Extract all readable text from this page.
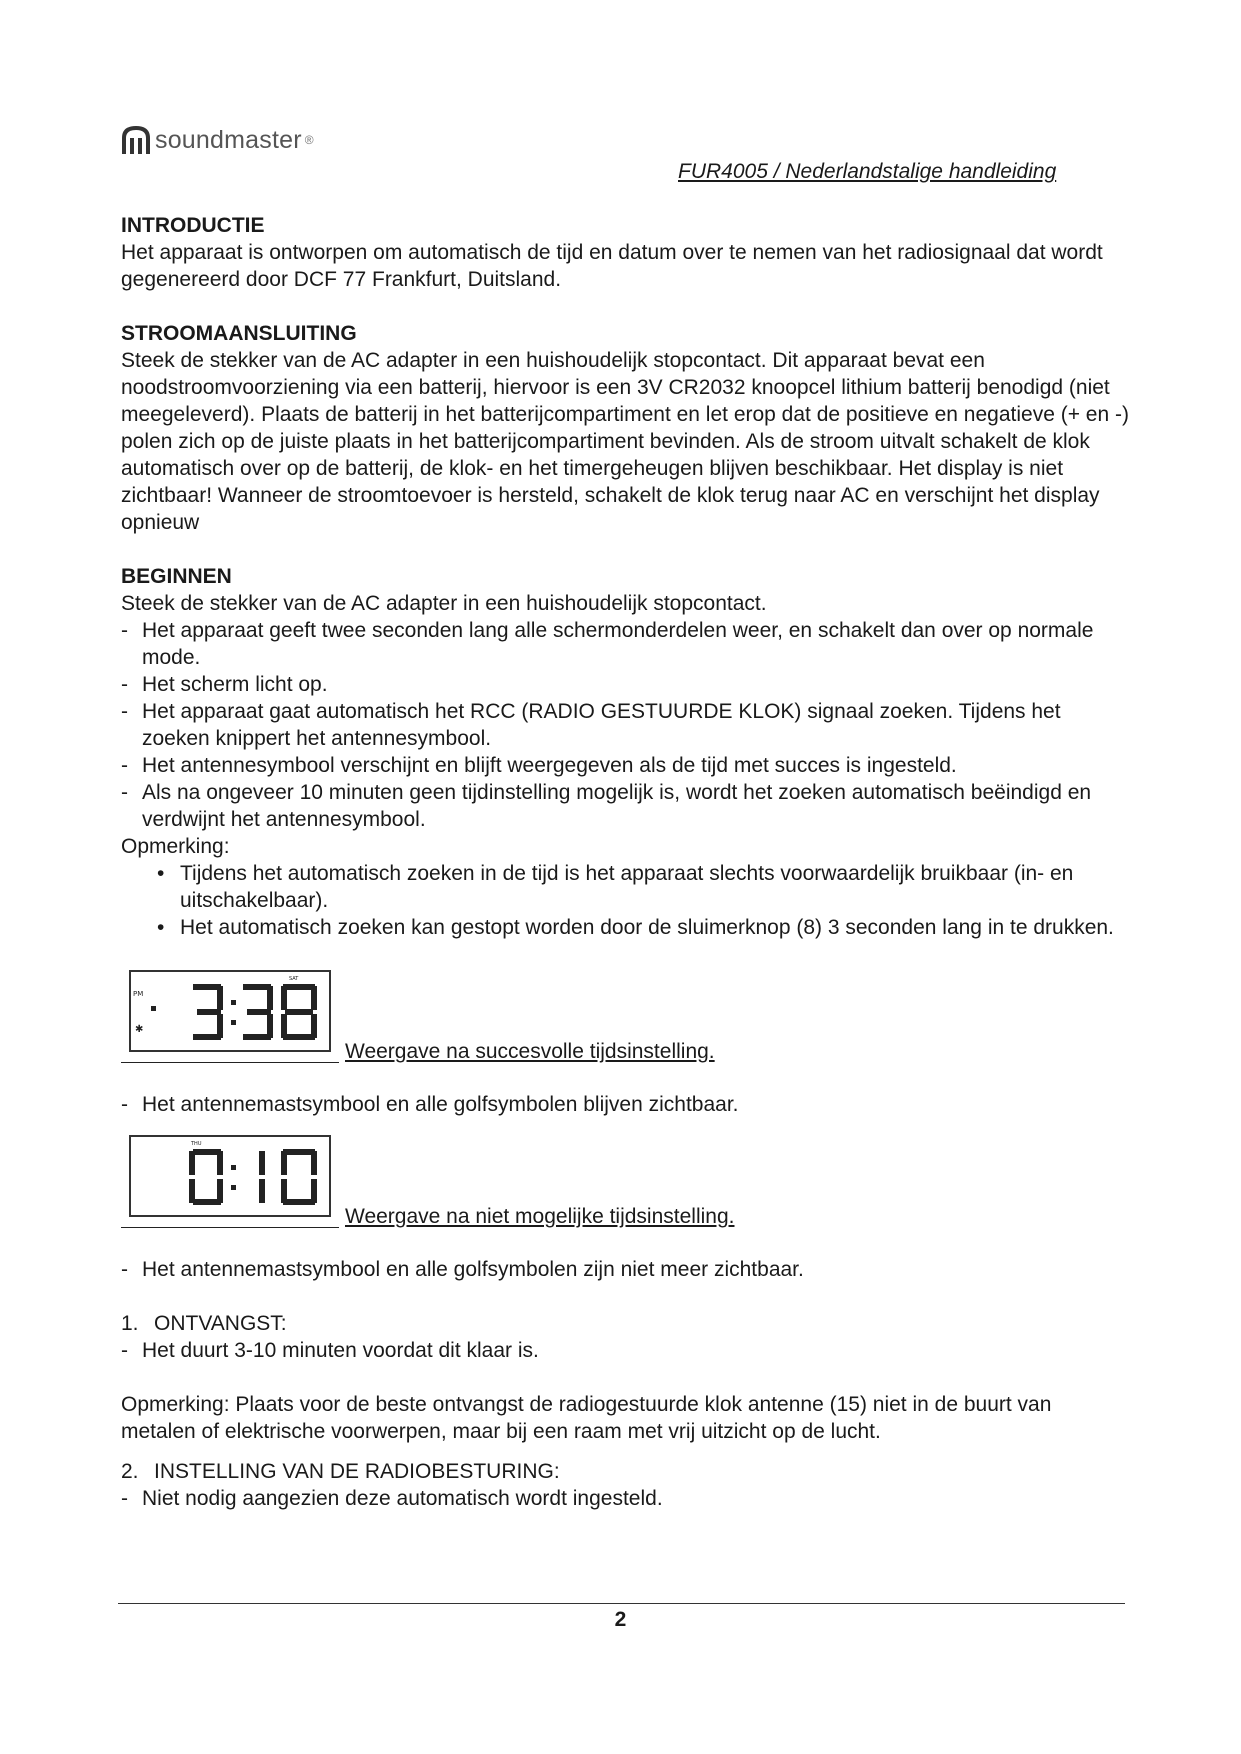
soundmaster ®
FUR4005 / Nederlandstalige handleiding
INTRODUCTIE

Het apparaat is ontworpen om automatisch de tijd en datum over te nemen van het radiosignaal dat wordt gegenereerd door DCF 77 Frankfurt, Duitsland.

STROOMAANSLUITING

Steek de stekker van de AC adapter in een huishoudelijk stopcontact. Dit apparaat bevat een noodstroomvoorziening via een batterij, hiervoor is een 3V CR2032 knoopcel lithium batterij benodigd (niet meegeleverd). Plaats de batterij in het batterijcompartiment en let erop dat de positieve en negatieve (+ en -) polen zich op de juiste plaats in het batterijcompartiment bevinden. Als de stroom uitvalt schakelt de klok automatisch over op de batterij, de klok- en het timergeheugen blijven beschikbaar. Het display is niet zichtbaar! Wanneer de stroomtoevoer is hersteld, schakelt de klok terug naar AC en verschijnt het display opnieuw

BEGINNEN

Steek de stekker van de AC adapter in een huishoudelijk stopcontact.

- Het apparaat geeft twee seconden lang alle schermonderdelen weer, en schakelt dan over op normale mode.
- Het scherm licht op.
- Het apparaat gaat automatisch het RCC (RADIO GESTUURDE KLOK) signaal zoeken. Tijdens het zoeken knippert het antennesymbool.
- Het antennesymbool verschijnt en blijft weergegeven als de tijd met succes is ingesteld.
- Als na ongeveer 10 minuten geen tijdinstelling mogelijk is, wordt het zoeken automatisch beëindigd en verdwijnt het antennesymbool.

Opmerking:

• Tijdens het automatisch zoeken in de tijd is het apparaat slechts voorwaardelijk bruikbaar (in- en uitschakelbaar).
• Het automatisch zoeken kan gestopt worden door de sluimerknop (8) 3 seconden lang in te drukken.
PM
✱
SAT
Weergave na succesvolle tijdsinstelling.
- Het antennemastsymbool en alle golfsymbolen blijven zichtbaar.
THU
Weergave na niet mogelijke tijdsinstelling.
- Het antennemastsymbool en alle golfsymbolen zijn niet meer zichtbaar.
1. ONTVANGST:
- Het duurt 3-10 minuten voordat dit klaar is.

Opmerking: Plaats voor de beste ontvangst de radiogestuurde klok antenne (15) niet in de buurt van metalen of elektrische voorwerpen, maar bij een raam met vrij uitzicht op de lucht.

2. INSTELLING VAN DE RADIOBESTURING:
- Niet nodig aangezien deze automatisch wordt ingesteld.
2
